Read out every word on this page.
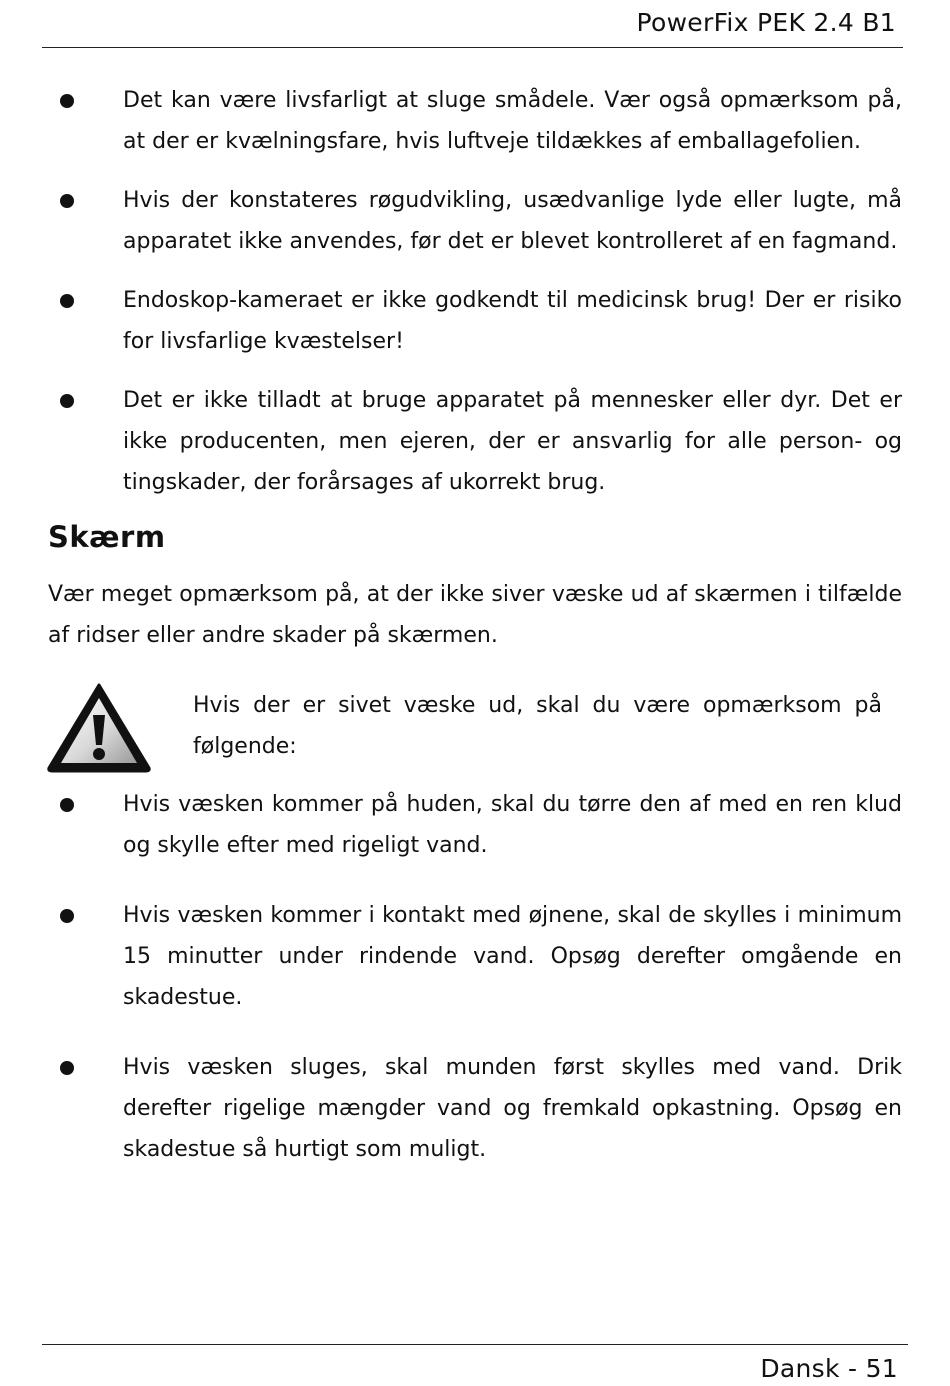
PowerFix PEK 2.4 B1
Det kan være livsfarligt at sluge smådele. Vær også opmærksom på, at der er kvælningsfare, hvis luftveje tildækkes af emballagefolien.
Hvis der konstateres røgudvikling, usædvanlige lyde eller lugte, må apparatet ikke anvendes, før det er blevet kontrolleret af en fagmand.
Endoskop-kameraet er ikke godkendt til medicinsk brug! Der er risiko for livsfarlige kvæstelser!
Det er ikke tilladt at bruge apparatet på mennesker eller dyr. Det er ikke producenten, men ejeren, der er ansvarlig for alle person- og tingskader, der forårsages af ukorrekt brug.
Skærm

Vær meget opmærksom på, at der ikke siver væske ud af skærmen i tilfælde af ridser eller andre skader på skærmen.

Hvis der er sivet væske ud, skal du være opmærksom på følgende:

Hvis væsken kommer på huden, skal du tørre den af med en ren klud og skylle efter med rigeligt vand.
Hvis væsken kommer i kontakt med øjnene, skal de skylles i minimum 15 minutter under rindende vand. Opsøg derefter omgående en skadestue.
Hvis væsken sluges, skal munden først skylles med vand. Drik derefter rigelige mængder vand og fremkald opkastning. Opsøg en skadestue så hurtigt som muligt.
Dansk - 51
